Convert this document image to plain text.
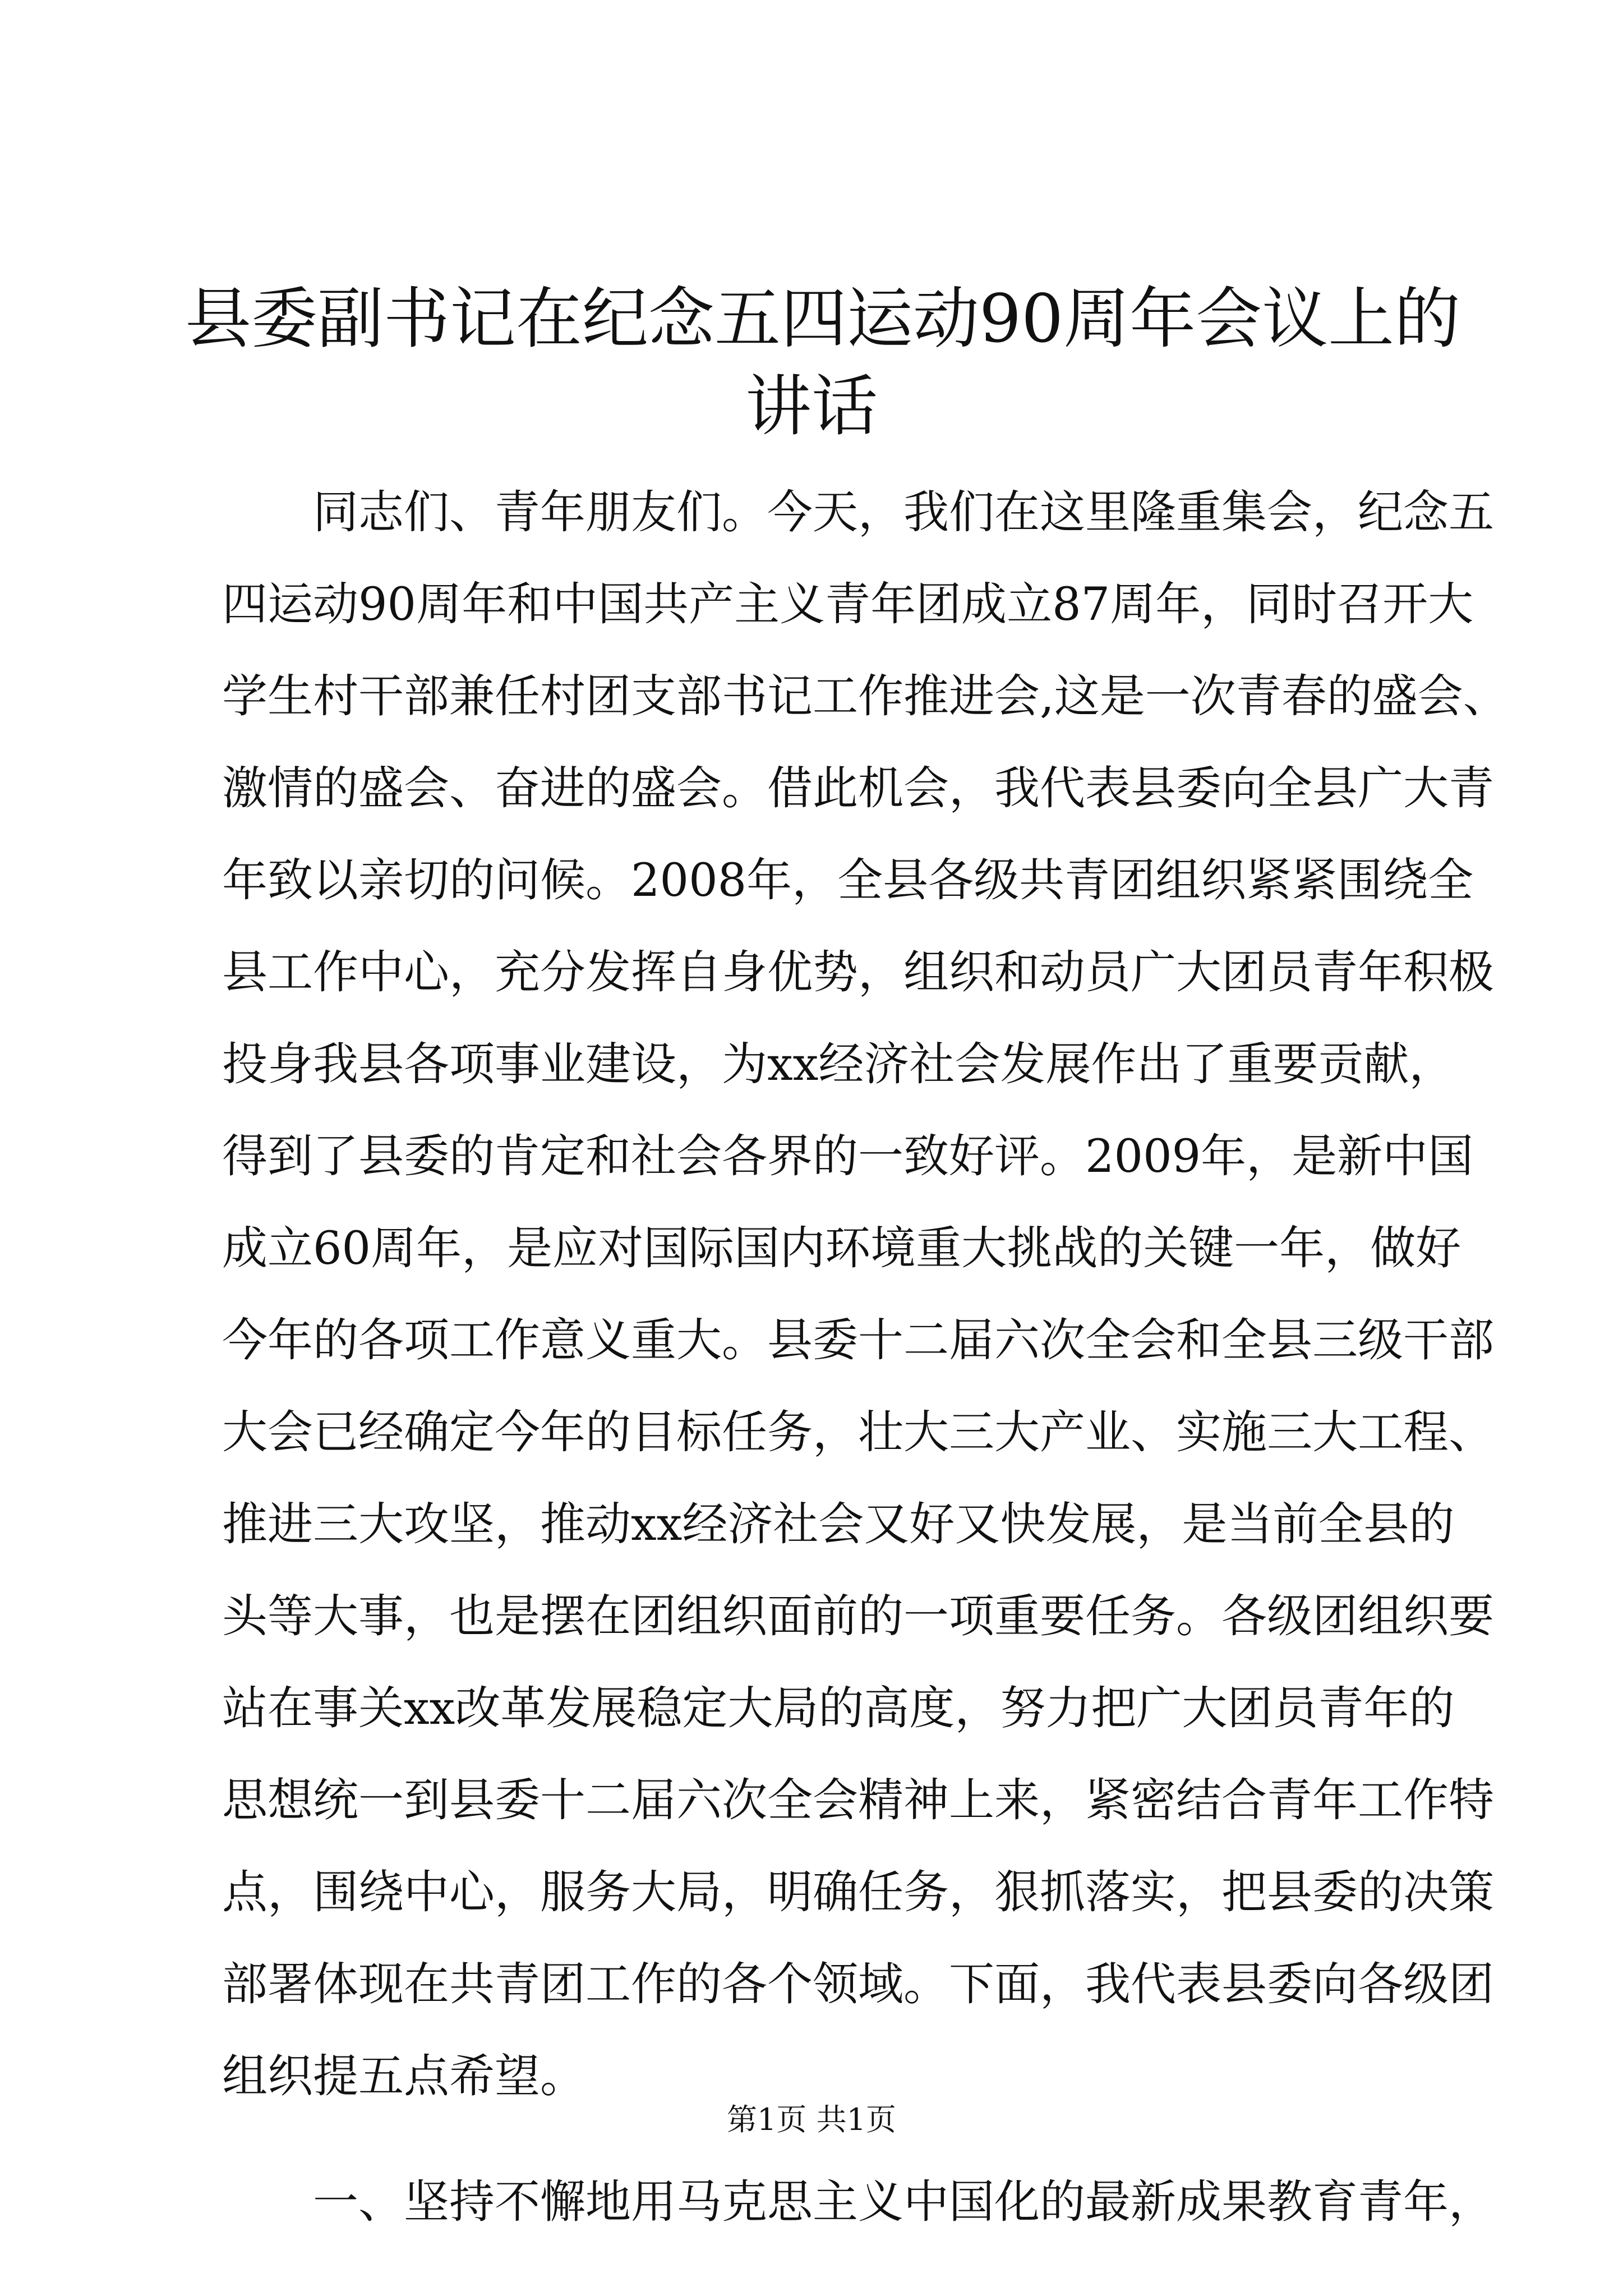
县委副书记在纪念五四运动90周年会议上的
讲话
　　同志们、青年朋友们。今天，我们在这里隆重集会，纪念五
四运动90周年和中国共产主义青年团成立87周年，同时召开大
学生村干部兼任村团支部书记工作推进会,这是一次青春的盛会、
激情的盛会、奋进的盛会。借此机会，我代表县委向全县广大青
年致以亲切的问候。2008年，全县各级共青团组织紧紧围绕全
县工作中心，充分发挥自身优势，组织和动员广大团员青年积极
投身我县各项事业建设，为xx经济社会发展作出了重要贡献，
得到了县委的肯定和社会各界的一致好评。2009年，是新中国
成立60周年，是应对国际国内环境重大挑战的关键一年，做好
今年的各项工作意义重大。县委十二届六次全会和全县三级干部
大会已经确定今年的目标任务，壮大三大产业、实施三大工程、
推进三大攻坚，推动xx经济社会又好又快发展，是当前全县的
头等大事，也是摆在团组织面前的一项重要任务。各级团组织要
站在事关xx改革发展稳定大局的高度，努力把广大团员青年的
思想统一到县委十二届六次全会精神上来，紧密结合青年工作特
点，围绕中心，服务大局，明确任务，狠抓落实，把县委的决策
部署体现在共青团工作的各个领域。下面，我代表县委向各级团
组织提五点希望。
　　一、坚持不懈地用马克思主义中国化的最新成果教育青年，
第1页 共1页
